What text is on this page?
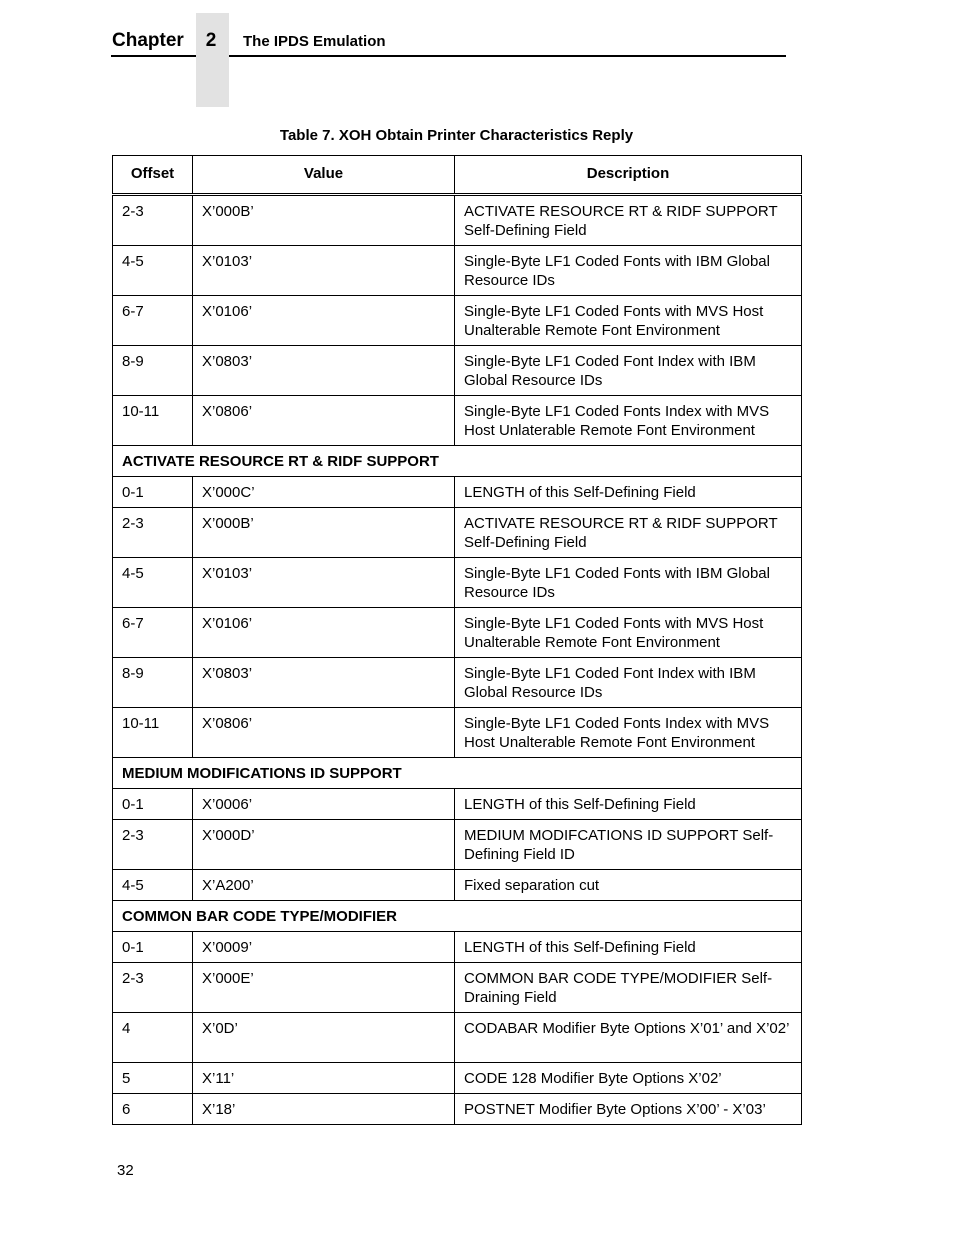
Chapter	2	The IPDS Emulation
Table 7. XOH Obtain Printer Characteristics Reply
Offset	Value	Description
2-3	X’000B’	ACTIVATE RESOURCE RT & RIDF SUPPORT Self-Defining Field
4-5	X’0103’	Single-Byte LF1 Coded Fonts with IBM Global Resource IDs
6-7	X’0106’	Single-Byte LF1 Coded Fonts with MVS Host Unalterable Remote Font Environment
8-9	X’0803’	Single-Byte LF1 Coded Font Index with IBM Global Resource IDs
10-11	X’0806’	Single-Byte LF1 Coded Fonts Index with MVS Host Unlaterable Remote Font Environment
ACTIVATE RESOURCE RT & RIDF SUPPORT		
0-1	X’000C’	LENGTH of this Self-Defining Field
2-3	X’000B’	ACTIVATE RESOURCE RT & RIDF SUPPORT Self-Defining Field
4-5	X’0103’	Single-Byte LF1 Coded Fonts with IBM Global Resource IDs
6-7	X’0106’	Single-Byte LF1 Coded Fonts with MVS Host Unalterable Remote Font Environment
8-9	X’0803’	Single-Byte LF1 Coded Font Index with IBM Global Resource IDs
10-11	X’0806’	Single-Byte LF1 Coded Fonts Index with MVS Host Unalterable Remote Font Environment
MEDIUM MODIFICATIONS ID SUPPORT		
0-1	X’0006’	LENGTH of this Self-Defining Field
2-3	X’000D’	MEDIUM MODIFCATIONS ID SUPPORT Self-Defining Field ID
4-5	X’A200’	Fixed separation cut
COMMON BAR CODE TYPE/MODIFIER		
0-1	X’0009’	LENGTH of this Self-Defining Field
2-3	X’000E’	COMMON BAR CODE TYPE/MODIFIER Self-Draining Field
4	X’0D’	CODABAR Modifier Byte Options X’01’ and X’02’
5	X’11’	CODE 128 Modifier Byte Options X’02’
6	X’18’	POSTNET Modifier Byte Options X’00’ - X’03’
32
